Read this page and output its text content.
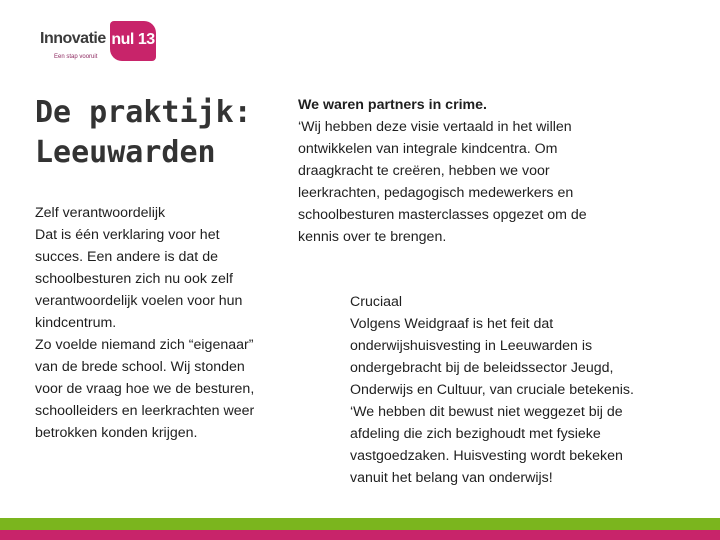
Innovatie nul 13
Een stap vooruit
De praktijk:
Leeuwarden
Zelf verantwoordelijk
Dat is één verklaring voor het
succes. Een andere is dat de
schoolbesturen zich nu ook zelf
verantwoordelijk voelen voor hun
kindcentrum.
Zo voelde niemand zich “eigenaar”
van de brede school. Wij stonden
voor de vraag hoe we de besturen,
schoolleiders en leerkrachten weer
betrokken konden krijgen.
We waren partners in crime.
‘Wij hebben deze visie vertaald in het willen
ontwikkelen van integrale kindcentra. Om
draagkracht te creëren, hebben we voor
leerkrachten, pedagogisch medewerkers en
schoolbesturen masterclasses opgezet om de
kennis over te brengen.
Cruciaal
Volgens Weidgraaf is het feit dat
onderwijshuisvesting in Leeuwarden is
ondergebracht bij de beleidssector Jeugd,
Onderwijs en Cultuur, van cruciale betekenis.
‘We hebben dit bewust niet weggezet bij de
afdeling die zich bezighoudt met fysieke
vastgoedzaken. Huisvesting wordt bekeken
vanuit het belang van onderwijs!
